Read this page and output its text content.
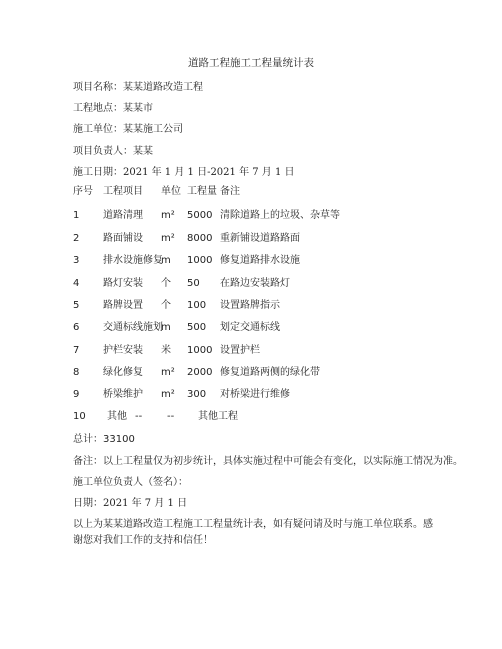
道路工程施工工程量统计表
项目名称：某某道路改造工程
工程地点：某某市
施工单位：某某施工公司
项目负责人：某某
施工日期：2021 年 1 月 1 日-2021 年 7 月 1 日
序号 工程项目 单位 工程量 备注
1 道路清理 m² 5000 清除道路上的垃圾、杂草等
2 路面铺设 m² 8000 重新铺设道路路面
3 排水设施修复
m 1000 修复道路排水设施
4 路灯安装 个 50 在路边安装路灯
5 路牌设置 个 100 设置路牌指示
6 交通标线施划
m 500 划定交通标线
7 护栏安装 米 1000 设置护栏
8 绿化修复 m² 2000 修复道路两侧的绿化带
9 桥梁维护 m² 300 对桥梁进行维修
10 其他 -- -- 其他工程
总计：33100
备注：以上工程量仅为初步统计，具体实施过程中可能会有变化，以实际施工情况为准。
施工单位负责人（签名）：
日期：2021 年 7 月 1 日
以上为某某道路改造工程施工工程量统计表，如有疑问请及时与施工单位联系。感谢您对我们工作的支持和信任！
